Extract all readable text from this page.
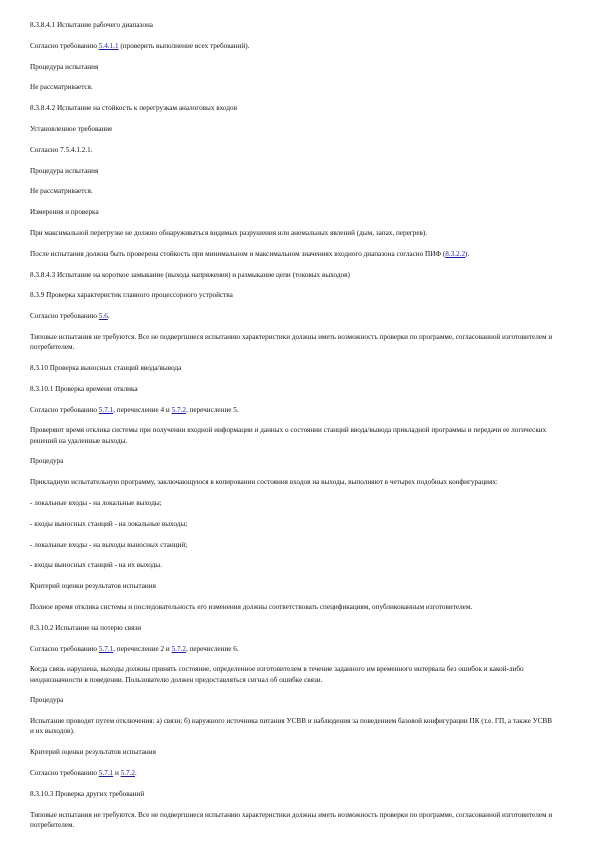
8.3.8.4.1 Испытание рабочего диапазона

Согласно требованию 5.4.1.1 (проверить выполнение всех требований).

Процедура испытания

Не рассматривается.

8.3.8.4.2 Испытание на стойкость к перегрузкам аналоговых входов

Установленное требование

Согласно 7.5.4.1.2.1.

Процедура испытания

Не рассматривается.

Измерения и проверка

При максимальной перегрузке не должно обнаруживаться видимых разрушения или аномальных явлений (дым, запах, перегрев).

После испытания должна быть проверена стойкость при минимальном и максимальном значениях входного диапазона согласно ПИФ (8.3.2.2).

8.3.8.4.3 Испытание на короткое замыкание (выхода напряжения) и размыкание цепи (токовых выходов)

8.3.9 Проверка характеристик главного процессорного устройства

Согласно требованию 5.6.

Типовые испытания не требуются. Все не подвергшиеся испытанию характеристики должны иметь возможность проверки по программе, согласованной изготовителем и потребителем.

8.3.10 Проверка выносных станций ввода/вывода

8.3.10.1 Проверка времени отклика

Согласно требованию 5.7.1, перечисление 4 и 5.7.2, перечисление 5.

Проверяют время отклика системы при получении входной информации и данных о состоянии станций ввода/вывода прикладной программы и передачи ее логических решений на удаленные выходы.

Процедура

Прикладную испытательную программу, заключающуюся в копировании состояния входов на выходы, выполняют в четырех подобных конфигурациях:

- локальные входы - на локальные выходы;

- входы выносных станций - на локальные выходы;

- локальные входы - на выходы выносных станций;

- входы выносных станций - на их выходы.

Критерий оценки результатов испытания

Полное время отклика системы и последовательность его изменения должны соответствовать спецификациям, опубликованным изготовителем.

8.3.10.2 Испытание на потерю связи

Согласно требованию 5.7.1, перечисление 2 и 5.7.2, перечисление 6.

Когда связь нарушена, выходы должны принять состояние, определенное изготовителем в течение заданного им временного интервала без ошибок и какой-либо неоднозначности в поведении. Пользователю должен предоставляться сигнал об ошибке связи.

Процедура

Испытание проводят путем отключения: а) связи; б) наружного источника питания УСВВ и наблюдения за поведением базовой конфигурации ПК (т.е. ГП, а также УСВВ и их выходов).

Критерий оценки результатов испытания

Согласно требованию 5.7.1 и 5.7.2.

8.3.10.3 Проверка других требований

Типовые испытания не требуются. Все не подвергшиеся испытанию характеристики должны иметь возможность проверки по программе, согласованной изготовителем и потребителем.
